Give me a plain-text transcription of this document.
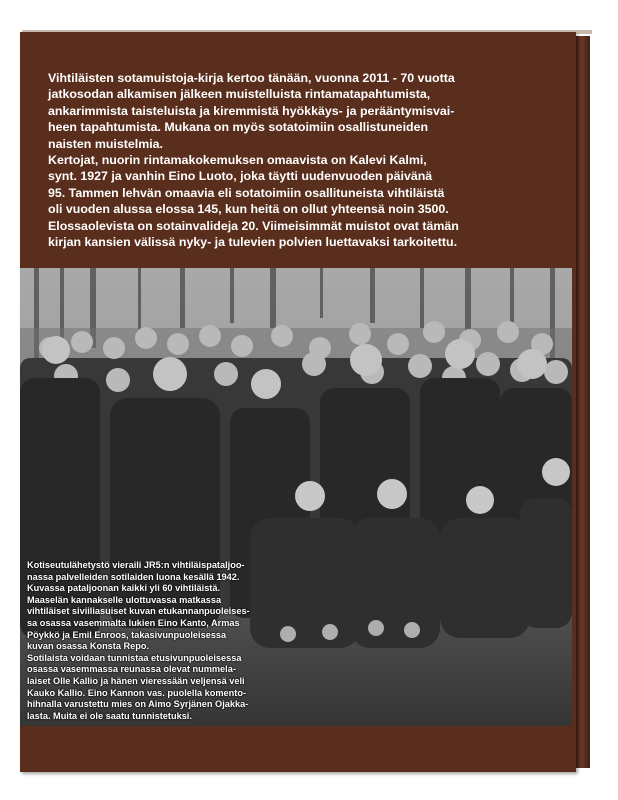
Vihtiläisten sotamuistoja-kirja kertoo tänään, vuonna 2011 - 70 vuotta
jatkosodan alkamisen jälkeen muistelluista rintamatapahtumista,
ankarimmista taisteluista ja kiremmistä hyökkäys- ja perääntymisvai-
heen tapahtumista. Mukana on myös sotatoimiin osallistuneiden
naisten muistelmia.

Kertojat, nuorin rintamakokemuksen omaavista on Kalevi Kalmi,
synt. 1927 ja vanhin Eino Luoto, joka täytti uudenvuoden päivänä
95. Tammen lehvän omaavia eli sotatoimiin osallituneista vihtiläistä
oli vuoden alussa elossa 145, kun heitä on ollut yhteensä noin 3500.
Elossaolevista on sotainvalideja 20. Viimeisimmät muistot ovat tämän
kirjan kansien välissä nyky- ja tulevien polvien luettavaksi tarkoitettu.

Kotiseutulähetystö vieraili JR5:n vihtiläispataljoo-
nassa palvelleiden sotilaiden luona kesällä 1942.
Kuvassa pataljoonan kaikki yli 60 vihtiläistä.
Maaselän kannakselle ulottuvassa matkassa
vihtiläiset siviiliasuiset kuvan etukannanpuoleises-
sa osassa vasemmalta lukien Eino Kanto, Armas
Pöykkö ja Emil Enroos, takasivunpuoleisessa
kuvan osassa Konsta Repo.

Sotilaista voidaan tunnistaa etusivunpuoleisessa
osassa vasemmassa reunassa olevat nummela-
laiset Olle Kallio ja hänen vieressään veljensä veli
Kauko Kallio. Eino Kannon vas. puolella komento-
hihnalla varustettu mies on Aimo Syrjänen Ojakka-
lasta. Muita ei ole saatu tunnistetuksi.
